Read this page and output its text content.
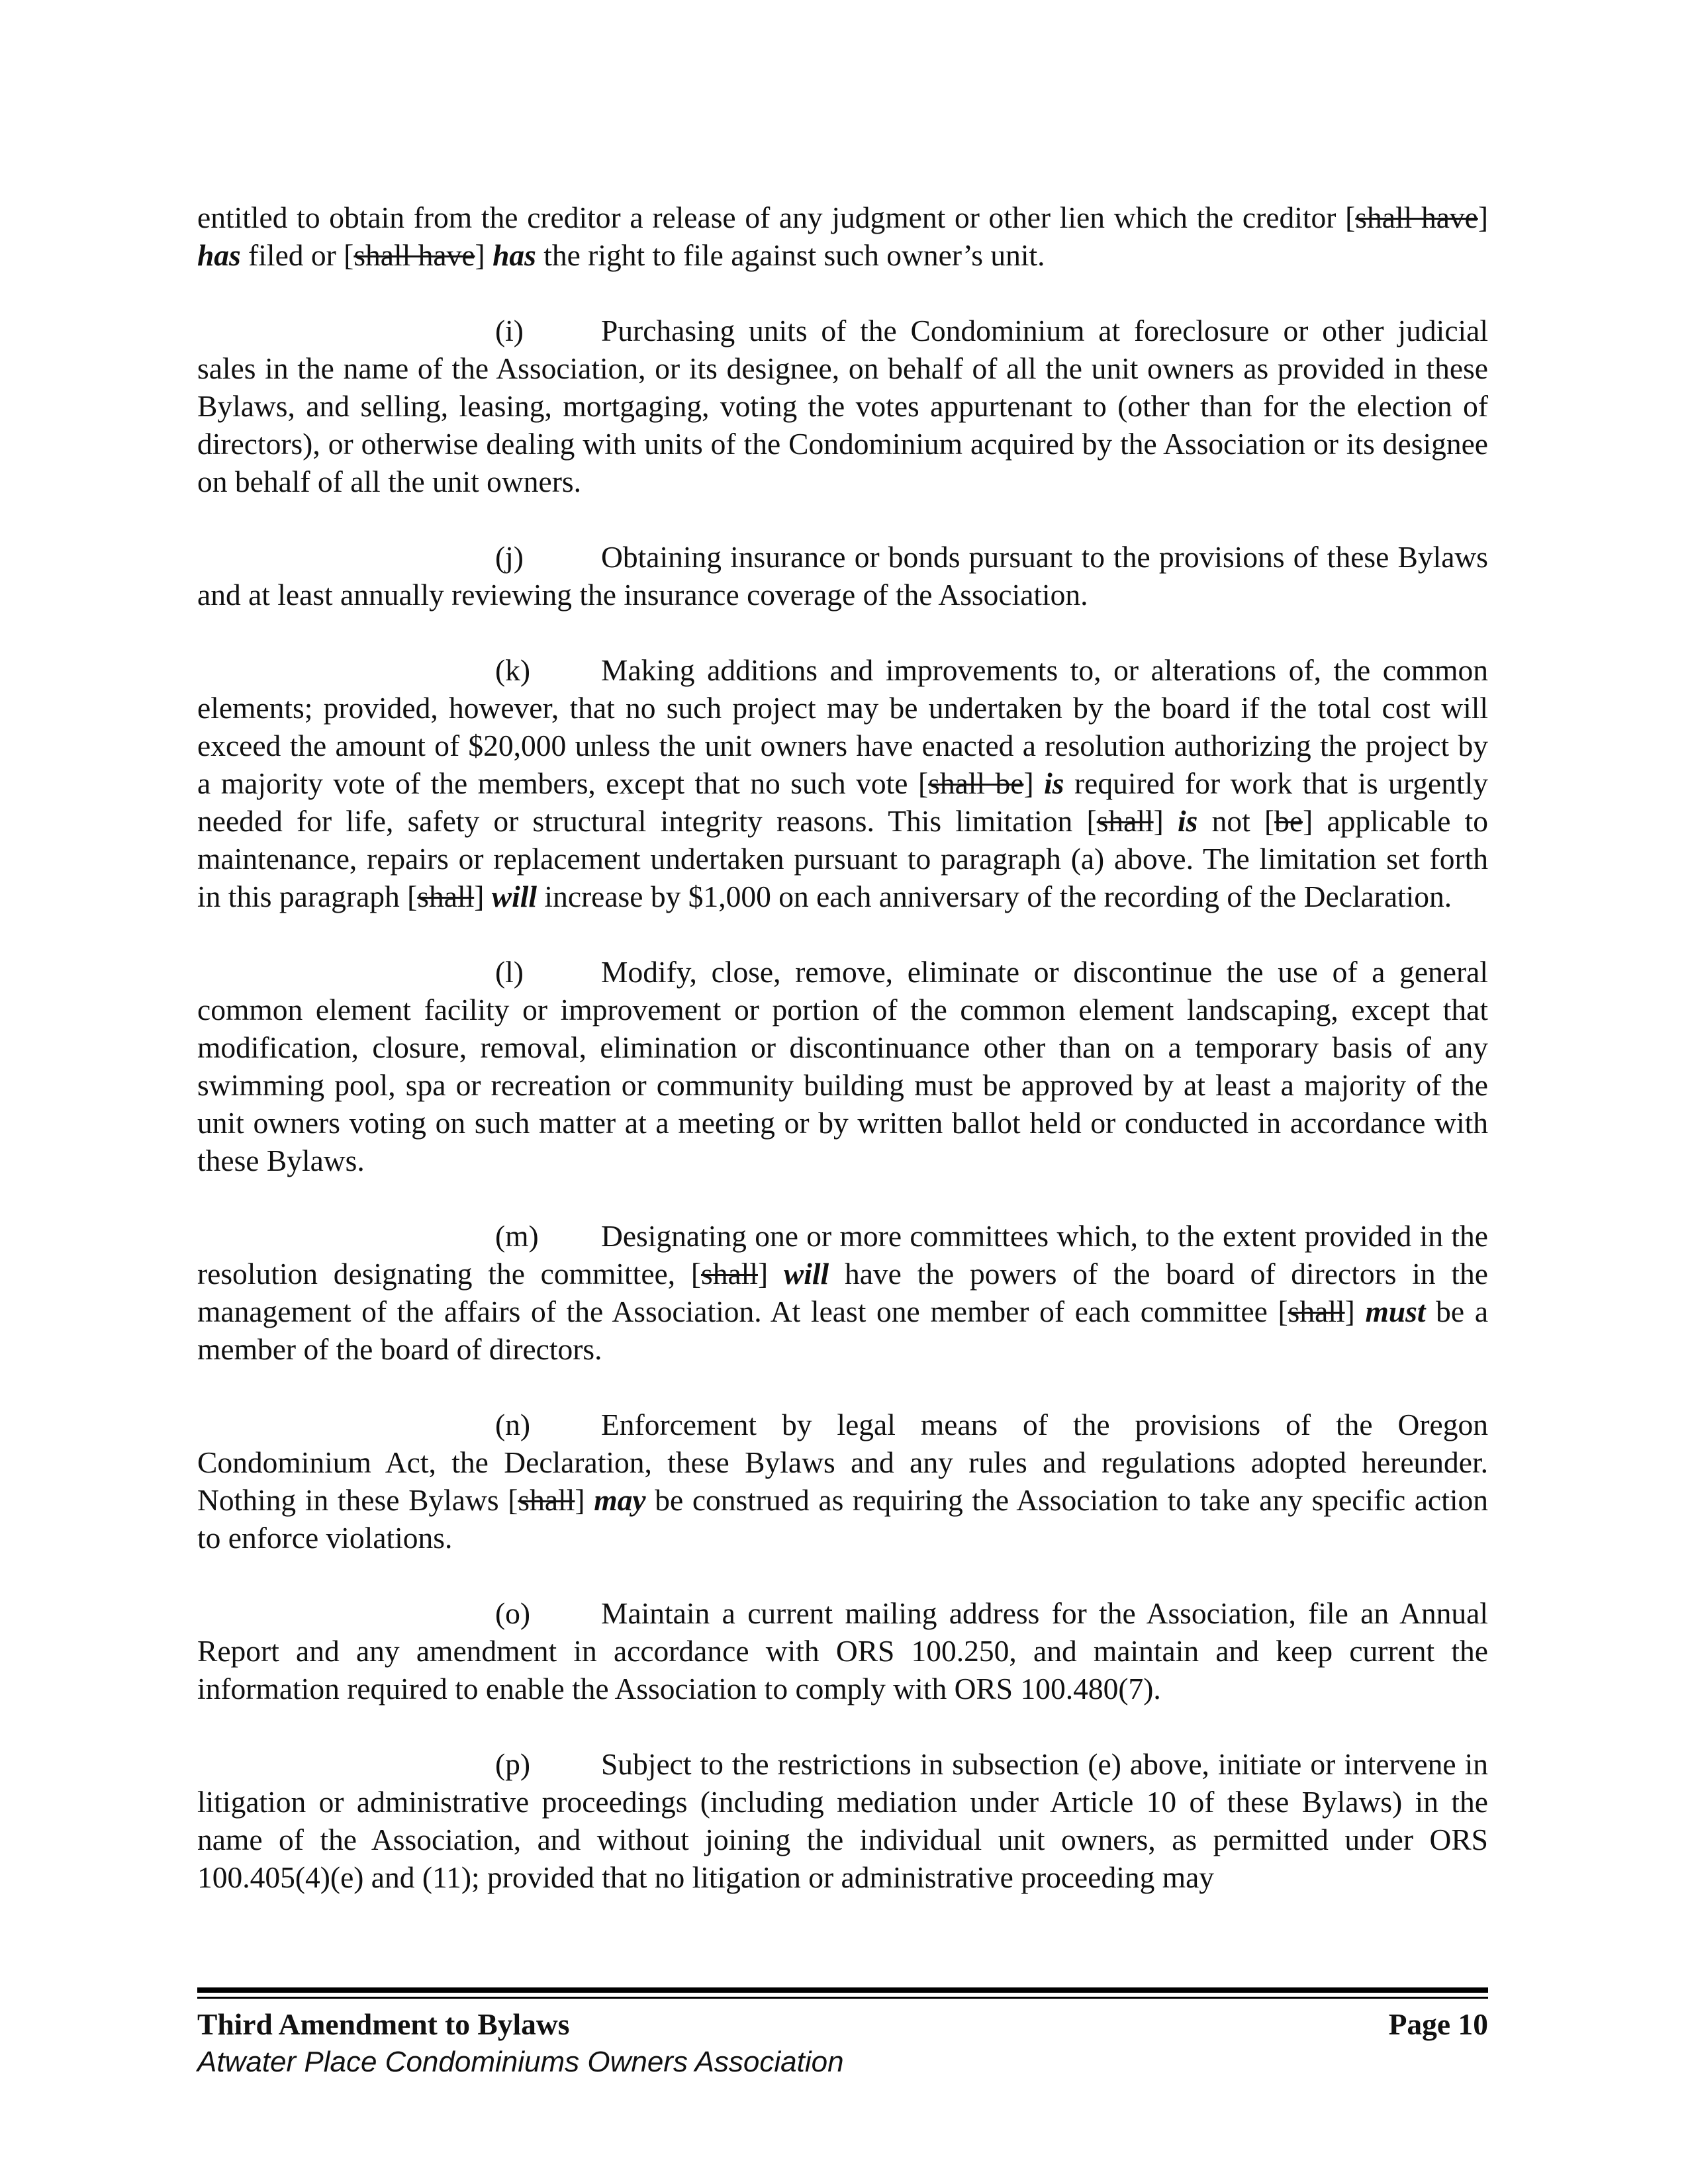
entitled to obtain from the creditor a release of any judgment or other lien which the creditor [shall have] has filed or [shall have] has the right to file against such owner’s unit.

(i)	Purchasing units of the Condominium at foreclosure or other judicial sales in the name of the Association, or its designee, on behalf of all the unit owners as provided in these Bylaws, and selling, leasing, mortgaging, voting the votes appurtenant to (other than for the election of directors), or otherwise dealing with units of the Condominium acquired by the Association or its designee on behalf of all the unit owners.

(j)	Obtaining insurance or bonds pursuant to the provisions of these Bylaws and at least annually reviewing the insurance coverage of the Association.

(k) Making additions and improvements to, or alterations of, the common elements; provided, however, that no such project may be undertaken by the board if the total cost will exceed the amount of $20,000 unless the unit owners have enacted a resolution authorizing the project by a majority vote of the members, except that no such vote [shall be] is required for work that is urgently needed for life, safety or structural integrity reasons. This limitation [shall] is not [be] applicable to maintenance, repairs or replacement undertaken pursuant to paragraph (a) above. The limitation set forth in this paragraph [shall] will increase by $1,000 on each anniversary of the recording of the Declaration.

(l)	Modify, close, remove, eliminate or discontinue the use of a general common element facility or improvement or portion of the common element landscaping, except that modification, closure, removal, elimination or discontinuance other than on a temporary basis of any swimming pool, spa or recreation or community building must be approved by at least a majority of the unit owners voting on such matter at a meeting or by written ballot held or conducted in accordance with these Bylaws.

(m) Designating one or more committees which, to the extent provided in the resolution designating the committee, [shall] will have the powers of the board of directors in the management of the affairs of the Association. At least one member of each committee [shall] must be a member of the board of directors.

(n) Enforcement by legal means of the provisions of the Oregon Condominium Act, the Declaration, these Bylaws and any rules and regulations adopted hereunder. Nothing in these Bylaws [shall] may be construed as requiring the Association to take any specific action to enforce violations.

(o) Maintain a current mailing address for the Association, file an Annual Report and any amendment in accordance with ORS 100.250, and maintain and keep current the information required to enable the Association to comply with ORS 100.480(7).

(p) Subject to the restrictions in subsection (e) above, initiate or intervene in litigation or administrative proceedings (including mediation under Article 10 of these Bylaws) in the name of the Association, and without joining the individual unit owners, as permitted under ORS 100.405(4)(e) and (11); provided that no litigation or administrative proceeding may

Third Amendment to Bylaws	Page 10
Atwater Place Condominiums Owners Association
